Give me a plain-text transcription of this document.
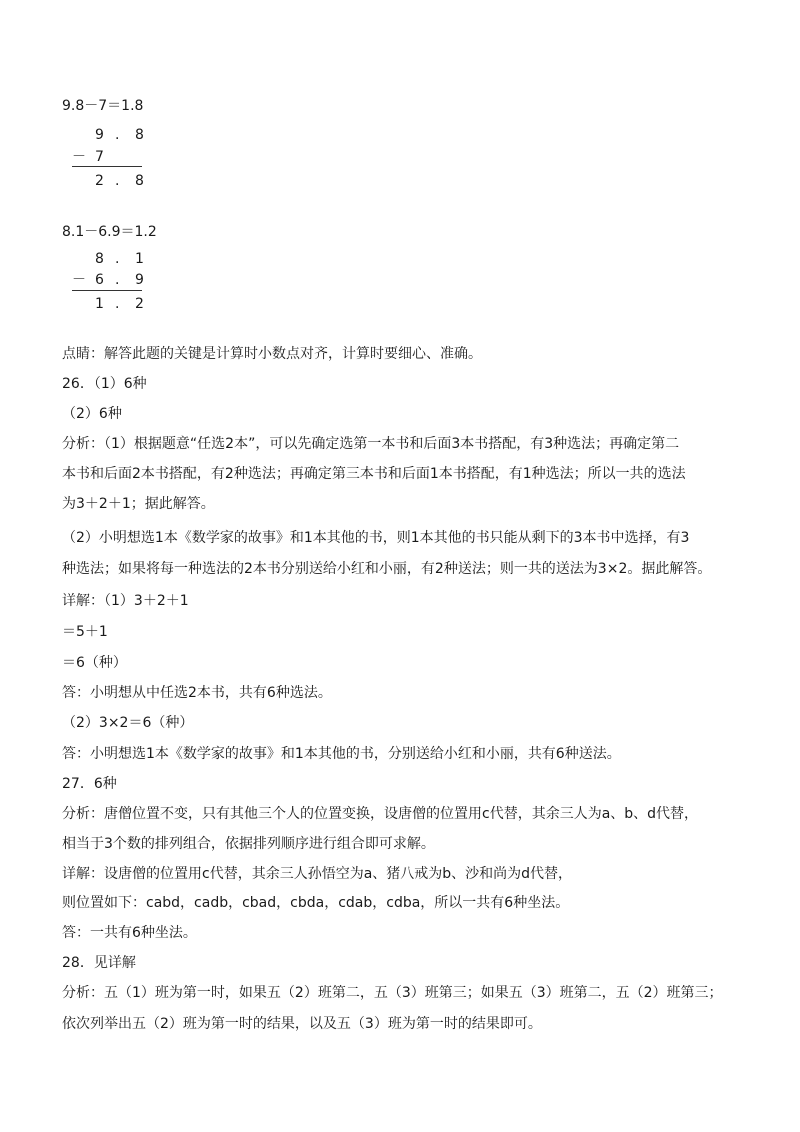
9.8－7＝1.8
9 . 8
－ 7
2 . 8
8.1－6.9＝1.2
8 . 1
－ 6 . 9
1 . 2
点睛：解答此题的关键是计算时小数点对齐，计算时要细心、准确。
26．（1）6种
（2）6种
分析：（1）根据题意“任选2本”，可以先确定选第一本书和后面3本书搭配，有3种选法；再确定第二
本书和后面2本书搭配，有2种选法；再确定第三本书和后面1本书搭配，有1种选法；所以一共的选法
为3＋2＋1；据此解答。
（2）小明想选1本《数学家的故事》和1本其他的书，则1本其他的书只能从剩下的3本书中选择，有3
种选法；如果将每一种选法的2本书分别送给小红和小丽，有2种送法；则一共的送法为3×2。据此解答。
详解：（1）3＋2＋1
＝5＋1
＝6（种）
答：小明想从中任选2本书，共有6种选法。
（2）3×2＝6（种）
答：小明想选1本《数学家的故事》和1本其他的书，分别送给小红和小丽，共有6种送法。
27．6种
分析：唐僧位置不变，只有其他三个人的位置变换，设唐僧的位置用c代替，其余三人为a、b、d代替，
相当于3个数的排列组合，依据排列顺序进行组合即可求解。
详解：设唐僧的位置用c代替，其余三人孙悟空为a、猪八戒为b、沙和尚为d代替，
则位置如下：cabd，cadb，cbad，cbda，cdab，cdba，所以一共有6种坐法。
答：一共有6种坐法。
28．见详解
分析：五（1）班为第一时，如果五（2）班第二，五（3）班第三；如果五（3）班第二，五（2）班第三；
依次列举出五（2）班为第一时的结果，以及五（3）班为第一时的结果即可。
